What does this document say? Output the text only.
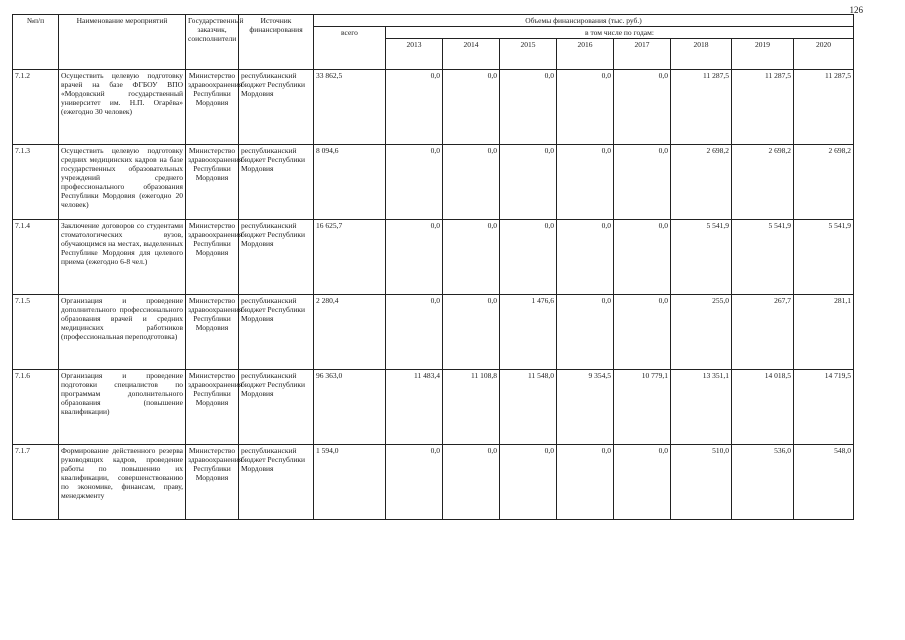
126
№п/п	Наименование мероприятий	Государственный заказчик, соисполнители	Источник финансирования	Объемы финансирования (тыс. руб.)								
				всего	в том числе по годам:							
					2013	2014	2015	2016	2017	2018	2019	2020
7.1.2	Осуществить целевую подготовку врачей на базе ФГБОУ ВПО «Мордовский государственный университет им. Н.П. Огарёва» (ежегодно 30 человек)	Министерство здравоохранения Республики Мордовия	республиканский бюджет Республики Мордовия	33 862,5	0,0	0,0	0,0	0,0	0,0	11 287,5	11 287,5	11 287,5
7.1.3	Осуществить целевую подготовку средних медицинских кадров на базе государственных образовательных учреждений среднего профессионального образования Республики Мордовия (ежегодно 20 человек)	Министерство здравоохранения Республики Мордовия	республиканский бюджет Республики Мордовия	8 094,6	0,0	0,0	0,0	0,0	0,0	2 698,2	2 698,2	2 698,2
7.1.4	Заключение договоров со студентами стоматологических вузов, обучающимся на местах, выделенных Республике Мордовия для целевого приема (ежегодно 6-8 чел.)	Министерство здравоохранения Республики Мордовия	республиканский бюджет Республики Мордовия	16 625,7	0,0	0,0	0,0	0,0	0,0	5 541,9	5 541,9	5 541,9
7.1.5	Организация и проведение дополнительного профессионального образования врачей и средних медицинских работников (профессиональная переподготовка)	Министерство здравоохранения Республики Мордовия	республиканский бюджет Республики Мордовия	2 280,4	0,0	0,0	1 476,6	0,0	0,0	255,0	267,7	281,1
7.1.6	Организация и проведение подготовки специалистов по программам дополнительного образования (повышение квалификации)	Министерство здравоохранения Республики Мордовия	республиканский бюджет Республики Мордовия	96 363,0	11 483,4	11 108,8	11 548,0	9 354,5	10 779,1	13 351,1	14 018,5	14 719,5
7.1.7	Формирование действенного резерва руководящих кадров, проведение работы по повышению их квалификации, совершенствованию по экономике, финансам, праву, менеджменту	Министерство здравоохранения Республики Мордовия	республиканский бюджет Республики Мордовия	1 594,0	0,0	0,0	0,0	0,0	0,0	510,0	536,0	548,0
